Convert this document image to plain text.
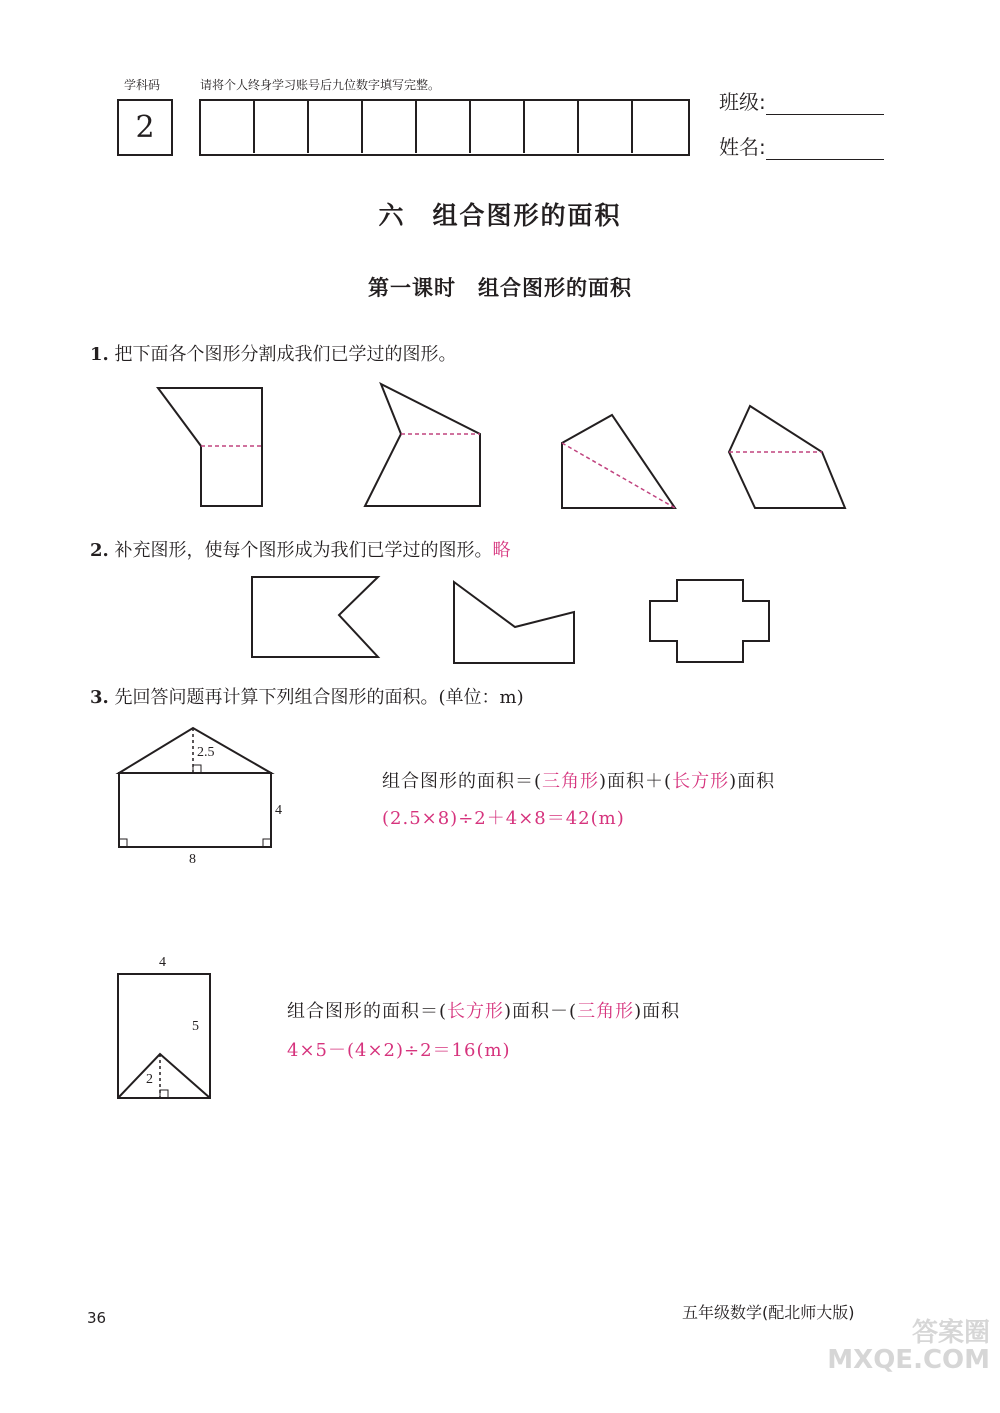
学科码
2
请将个人终身学习账号后九位数字填写完整。
班级:
姓名:
六　组合图形的面积
第一课时　组合图形的面积
1. 把下面各个图形分割成我们已学过的图形。
2. 补充图形，使每个图形成为我们已学过的图形。略
3. 先回答问题再计算下列组合图形的面积。(单位：m)
2.5
4
8
组合图形的面积＝(三角形)面积＋(长方形)面积
(2.5×8)÷2＋4×8＝42(m)
4
5
2
组合图形的面积＝(长方形)面积－(三角形)面积
4×5－(4×2)÷2＝16(m)
36	五年级数学(配北师大版)
答案圈 MXQE.COM
